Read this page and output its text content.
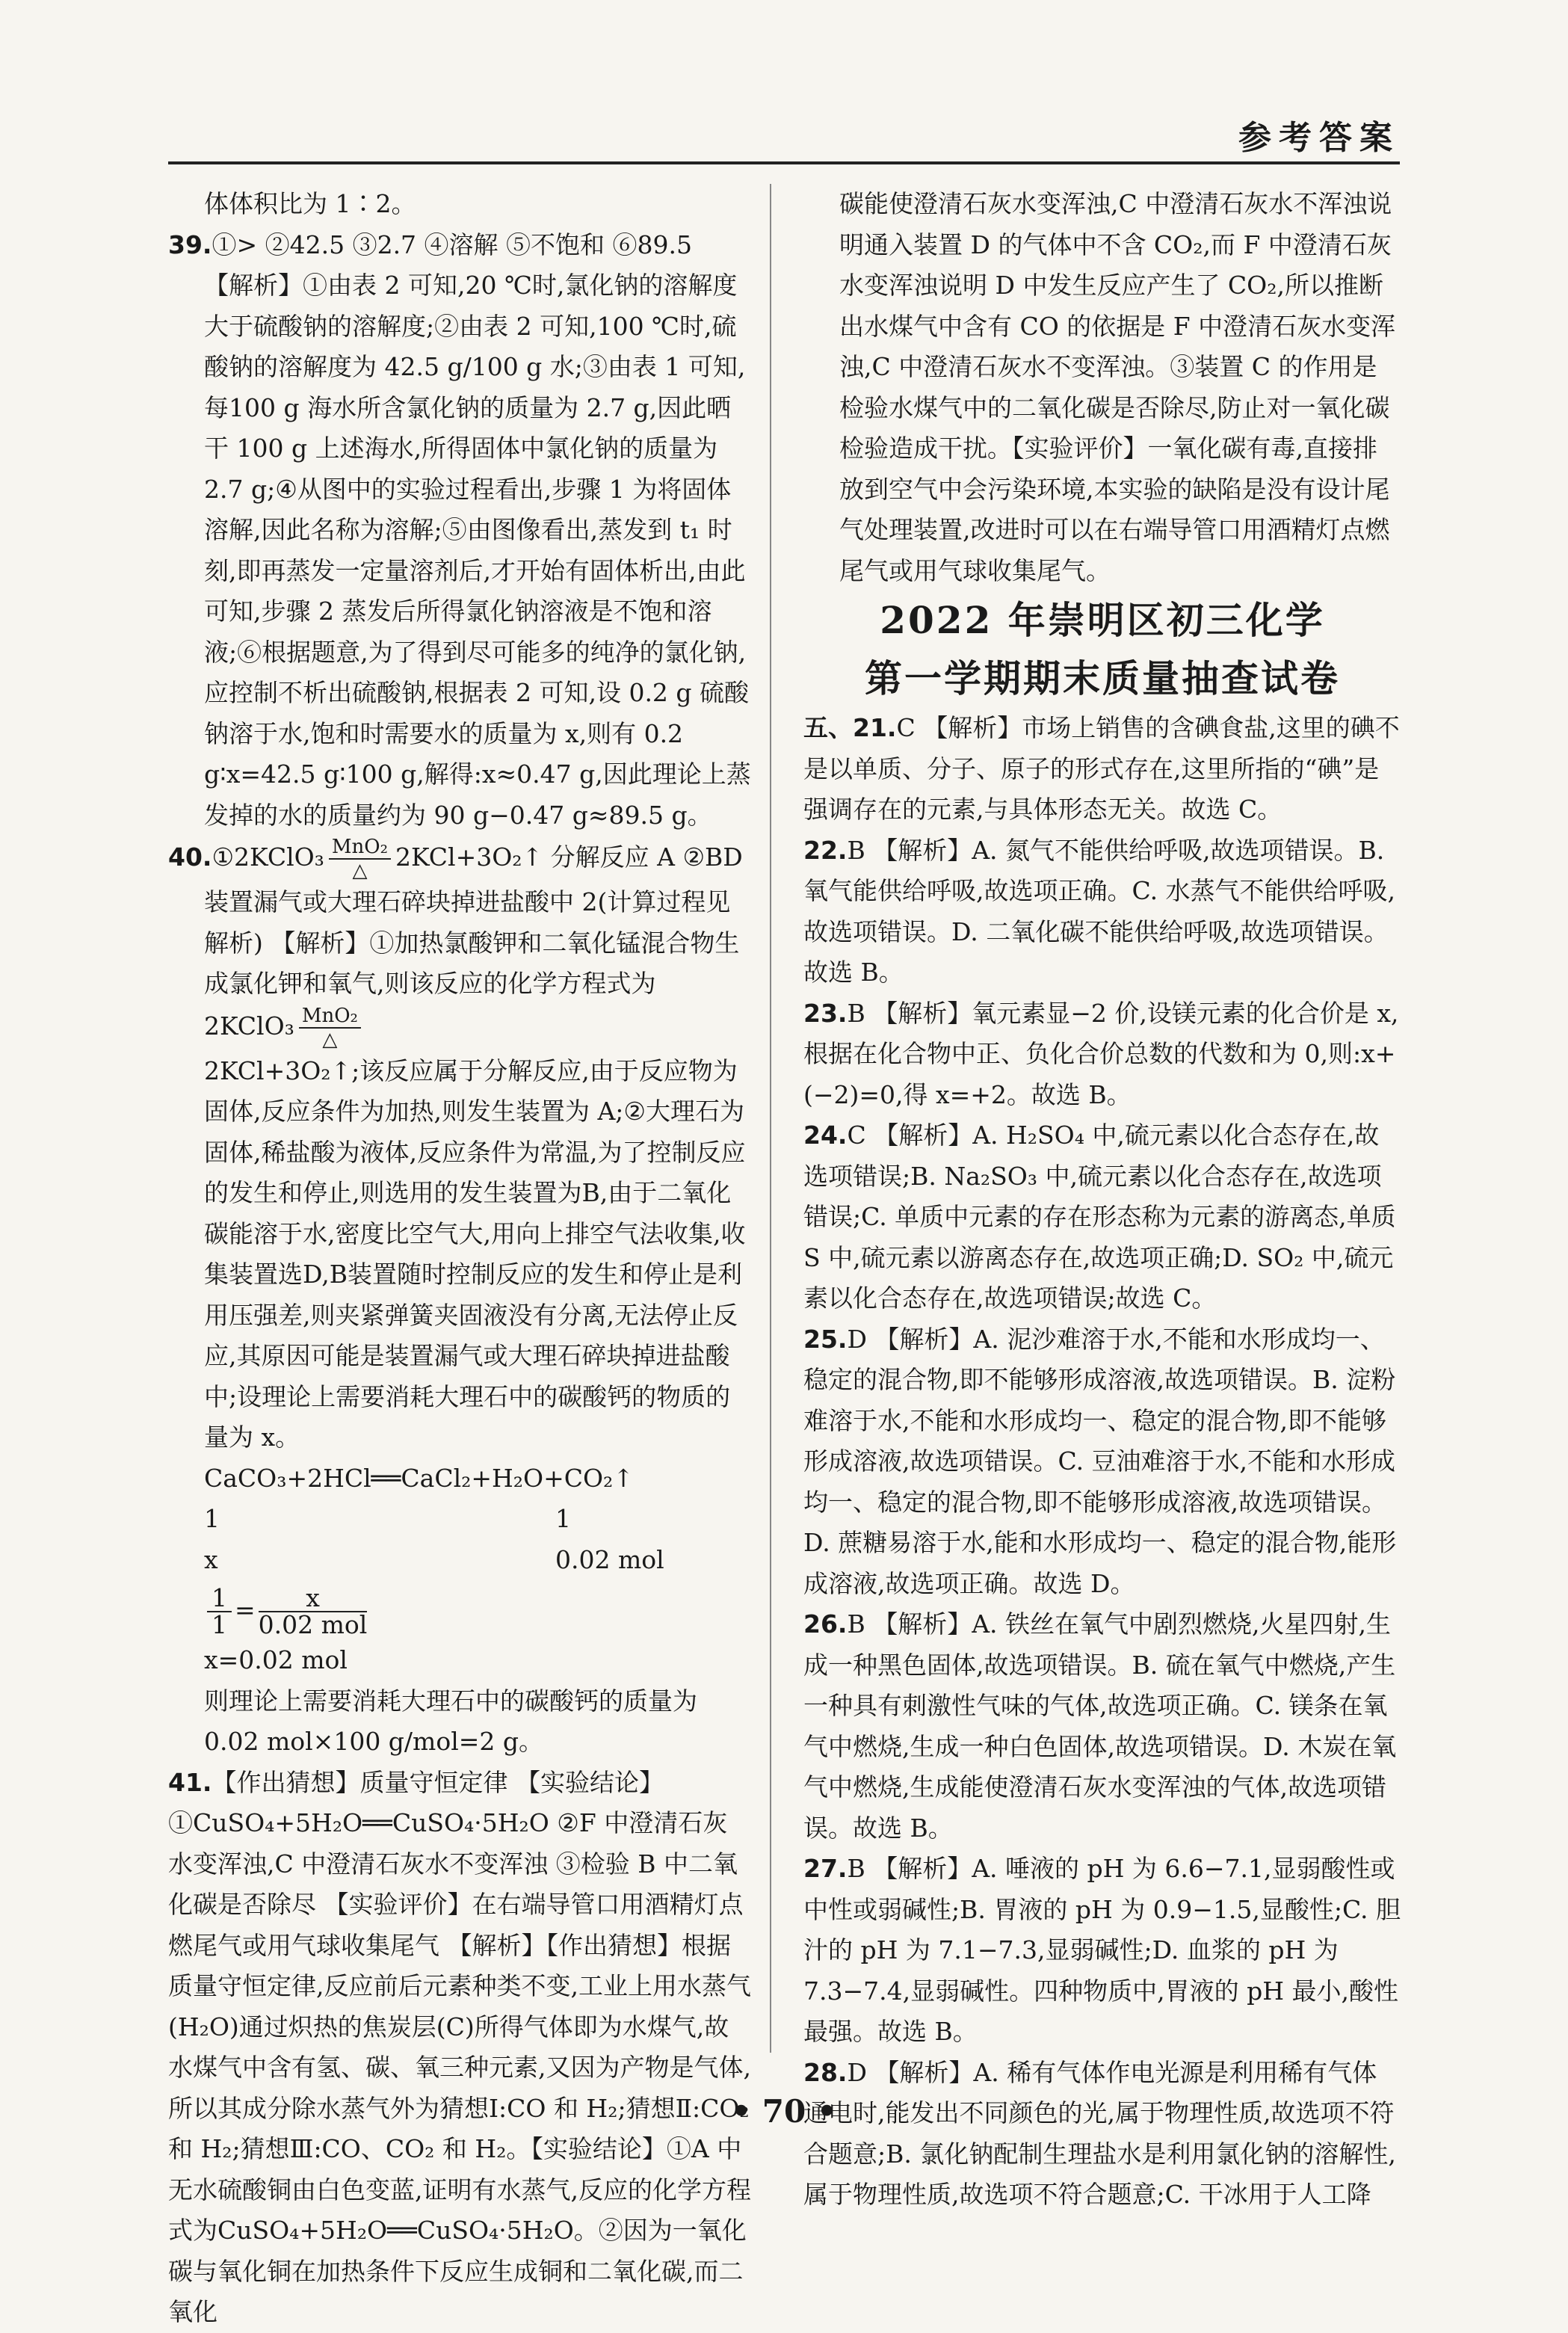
参考答案

体体积比为 1∶2。

39.①> ②42.5 ③2.7 ④溶解 ⑤不饱和 ⑥89.5

【解析】①由表 2 可知,20 ℃时,氯化钠的溶解度大于硫酸钠的溶解度;②由表 2 可知,100 ℃时,硫酸钠的溶解度为 42.5 g/100 g 水;③由表 1 可知,每100 g 海水所含氯化钠的质量为 2.7 g,因此晒干 100 g 上述海水,所得固体中氯化钠的质量为 2.7 g;④从图中的实验过程看出,步骤 1 为将固体溶解,因此名称为溶解;⑤由图像看出,蒸发到 t₁ 时刻,即再蒸发一定量溶剂后,才开始有固体析出,由此可知,步骤 2 蒸发后所得氯化钠溶液是不饱和溶液;⑥根据题意,为了得到尽可能多的纯净的氯化钠,应控制不析出硫酸钠,根据表 2 可知,设 0.2 g 硫酸钠溶于水,饱和时需要水的质量为 x,则有 0.2 g∶x=42.5 g∶100 g,解得:x≈0.47 g,因此理论上蒸发掉的水的质量约为 90 g−0.47 g≈89.5 g。

40.①2KClO₃ MnO₂
△	2KCl+3O₂↑ 分解反应 A ②BD

装置漏气或大理石碎块掉进盐酸中 2(计算过程见解析) 【解析】①加热氯酸钾和二氧化锰混合物生成氯化钾和氧气,则该反应的化学方程式为 2KClO₃ MnO₂
△

2KCl+3O₂↑;该反应属于分解反应,由于反应物为固体,反应条件为加热,则发生装置为 A;②大理石为固体,稀盐酸为液体,反应条件为常温,为了控制反应的发生和停止,则选用的发生装置为B,由于二氧化碳能溶于水,密度比空气大,用向上排空气法收集,收集装置选D,B装置随时控制反应的发生和停止是利用压强差,则夹紧弹簧夹固液没有分离,无法停止反应,其原因可能是装置漏气或大理石碎块掉进盐酸中;设理论上需要消耗大理石中的碳酸钙的物质的量为 x。

CaCO₃+2HCl══CaCl₂+H₂O+CO₂↑

1	1

x	0.02 mol

$\frac{1}{1} = \frac{x}{\text{0.02 mol}}$

x=0.02 mol

则理论上需要消耗大理石中的碳酸钙的质量为 0.02 mol×100 g/mol=2 g。

41.【作出猜想】质量守恒定律 【实验结论】①CuSO₄+5H₂O══CuSO₄·5H₂O ②F 中澄清石灰水变浑浊,C 中澄清石灰水不变浑浊 ③检验 B 中二氧化碳是否除尽 【实验评价】在右端导管口用酒精灯点燃尾气或用气球收集尾气 【解析】【作出猜想】根据质量守恒定律,反应前后元素种类不变,工业上用水蒸气(H₂O)通过炽热的焦炭层(C)所得气体即为水煤气,故水煤气中含有氢、碳、氧三种元素,又因为产物是气体,所以其成分除水蒸气外为猜想Ⅰ:CO 和 H₂;猜想Ⅱ:CO₂ 和 H₂;猜想Ⅲ:CO、CO₂ 和 H₂。【实验结论】①A 中无水硫酸铜由白色变蓝,证明有水蒸气,反应的化学方程式为CuSO₄+5H₂O══CuSO₄·5H₂O。②因为一氧化碳与氧化铜在加热条件下反应生成铜和二氧化碳,而二氧化

碳能使澄清石灰水变浑浊,C 中澄清石灰水不浑浊说明通入装置 D 的气体中不含 CO₂,而 F 中澄清石灰水变浑浊说明 D 中发生反应产生了 CO₂,所以推断出水煤气中含有 CO 的依据是 F 中澄清石灰水变浑浊,C 中澄清石灰水不变浑浊。③装置 C 的作用是检验水煤气中的二氧化碳是否除尽,防止对一氧化碳检验造成干扰。【实验评价】一氧化碳有毒,直接排放到空气中会污染环境,本实验的缺陷是没有设计尾气处理装置,改进时可以在右端导管口用酒精灯点燃尾气或用气球收集尾气。

2022 年崇明区初三化学
第一学期期末质量抽查试卷

五、21.C 【解析】市场上销售的含碘食盐,这里的碘不是以单质、分子、原子的形式存在,这里所指的“碘”是强调存在的元素,与具体形态无关。故选 C。

22.B 【解析】A. 氮气不能供给呼吸,故选项错误。B. 氧气能供给呼吸,故选项正确。C. 水蒸气不能供给呼吸,故选项错误。D. 二氧化碳不能供给呼吸,故选项错误。故选 B。

23.B 【解析】氧元素显−2 价,设镁元素的化合价是 x,根据在化合物中正、负化合价总数的代数和为 0,则:x+(−2)=0,得 x=+2。故选 B。

24.C 【解析】A. H₂SO₄ 中,硫元素以化合态存在,故选项错误;B. Na₂SO₃ 中,硫元素以化合态存在,故选项错误;C. 单质中元素的存在形态称为元素的游离态,单质 S 中,硫元素以游离态存在,故选项正确;D. SO₂ 中,硫元素以化合态存在,故选项错误;故选 C。

25.D 【解析】A. 泥沙难溶于水,不能和水形成均一、稳定的混合物,即不能够形成溶液,故选项错误。B. 淀粉难溶于水,不能和水形成均一、稳定的混合物,即不能够形成溶液,故选项错误。C. 豆油难溶于水,不能和水形成均一、稳定的混合物,即不能够形成溶液,故选项错误。D. 蔗糖易溶于水,能和水形成均一、稳定的混合物,能形成溶液,故选项正确。故选 D。

26.B 【解析】A. 铁丝在氧气中剧烈燃烧,火星四射,生成一种黑色固体,故选项错误。B. 硫在氧气中燃烧,产生一种具有刺激性气味的气体,故选项正确。C. 镁条在氧气中燃烧,生成一种白色固体,故选项错误。D. 木炭在氧气中燃烧,生成能使澄清石灰水变浑浊的气体,故选项错误。故选 B。

27.B 【解析】A. 唾液的 pH 为 6.6−7.1,显弱酸性或中性或弱碱性;B. 胃液的 pH 为 0.9−1.5,显酸性;C. 胆汁的 pH 为 7.1−7.3,显弱碱性;D. 血浆的 pH 为 7.3−7.4,显弱碱性。四种物质中,胃液的 pH 最小,酸性最强。故选 B。

28.D 【解析】A. 稀有气体作电光源是利用稀有气体通电时,能发出不同颜色的光,属于物理性质,故选项不符合题意;B. 氯化钠配制生理盐水是利用氯化钠的溶解性,属于物理性质,故选项不符合题意;C. 干冰用于人工降

• 70 •
